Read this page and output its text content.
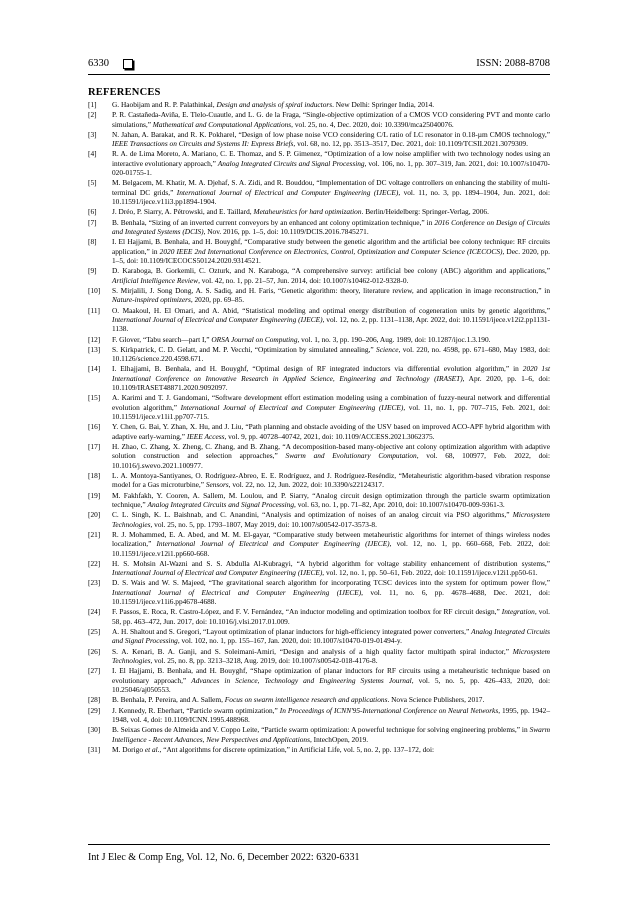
6330	ISSN: 2088-8708
REFERENCES
[1] G. Haobijam and R. P. Palathinkal, Design and analysis of spiral inductors. New Delhi: Springer India, 2014.
[2] P. R. Castañeda-Aviña, E. Tlelo-Cuautle, and L. G. de la Fraga, “Single-objective optimization of a CMOS VCO considering PVT and monte carlo simulations,” Mathematical and Computational Applications, vol. 25, no. 4, Dec. 2020, doi: 10.3390/mca25040076.
[3] N. Jahan, A. Barakat, and R. K. Pokharel, “Design of low phase noise VCO considering C/L ratio of LC resonator in 0.18-µm CMOS technology,” IEEE Transactions on Circuits and Systems II: Express Briefs, vol. 68, no. 12, pp. 3513–3517, Dec. 2021, doi: 10.1109/TCSII.2021.3079309.
[4] R. A. de Lima Moreto, A. Mariano, C. E. Thomaz, and S. P. Gimenez, “Optimization of a low noise amplifier with two technology nodes using an interactive evolutionary approach,” Analog Integrated Circuits and Signal Processing, vol. 106, no. 1, pp. 307–319, Jan. 2021, doi: 10.1007/s10470-020-01755-1.
[5] M. Belgacem, M. Khatir, M. A. Djehaf, S. A. Zidi, and R. Bouddou, “Implementation of DC voltage controllers on enhancing the stability of multi-terminal DC grids,” International Journal of Electrical and Computer Engineering (IJECE), vol. 11, no. 3, pp. 1894–1904, Jun. 2021, doi: 10.11591/ijece.v11i3.pp1894-1904.
[6] J. Dréo, P. Siarry, A. Pétrowski, and E. Taillard, Metaheuristics for hard optimization. Berlin/Heidelberg: Springer-Verlag, 2006.
[7] B. Benhala, “Sizing of an inverted current conveyors by an enhanced ant colony optimization technique,” in 2016 Conference on Design of Circuits and Integrated Systems (DCIS), Nov. 2016, pp. 1–5, doi: 10.1109/DCIS.2016.7845271.
[8] I. El Hajjami, B. Benhala, and H. Bouyghf, “Comparative study between the genetic algorithm and the artificial bee colony technique: RF circuits application,” in 2020 IEEE 2nd International Conference on Electronics, Control, Optimization and Computer Science (ICECOCS), Dec. 2020, pp. 1–5, doi: 10.1109/ICECOCS50124.2020.9314521.
[9] D. Karaboga, B. Gorkemli, C. Ozturk, and N. Karaboga, “A comprehensive survey: artificial bee colony (ABC) algorithm and applications,” Artificial Intelligence Review, vol. 42, no. 1, pp. 21–57, Jun. 2014, doi: 10.1007/s10462-012-9328-0.
[10] S. Mirjalili, J. Song Dong, A. S. Sadiq, and H. Faris, “Genetic algorithm: theory, literature review, and application in image reconstruction,” in Nature-inspired optimizers, 2020, pp. 69–85.
[11] O. Maakoul, H. El Omari, and A. Abid, “Statistical modeling and optimal energy distribution of cogeneration units by genetic algorithms,” International Journal of Electrical and Computer Engineering (IJECE), vol. 12, no. 2, pp. 1131–1138, Apr. 2022, doi: 10.11591/ijece.v12i2.pp1131-1138.
[12] F. Glover, “Tabu search—part I,” ORSA Journal on Computing, vol. 1, no. 3, pp. 190–206, Aug. 1989, doi: 10.1287/ijoc.1.3.190.
[13] S. Kirkpatrick, C. D. Gelatt, and M. P. Vecchi, “Optimization by simulated annealing,” Science, vol. 220, no. 4598, pp. 671–680, May 1983, doi: 10.1126/science.220.4598.671.
[14] I. Elhajjami, B. Benhala, and H. Bouyghf, “Optimal design of RF integrated inductors via differential evolution algorithm,” in 2020 1st International Conference on Innovative Research in Applied Science, Engineering and Technology (IRASET), Apr. 2020, pp. 1–6, doi: 10.1109/IRASET48871.2020.9092097.
[15] A. Karimi and T. J. Gandomani, “Software development effort estimation modeling using a combination of fuzzy-neural network and differential evolution algorithm,” International Journal of Electrical and Computer Engineering (IJECE), vol. 11, no. 1, pp. 707–715, Feb. 2021, doi: 10.11591/ijece.v11i1.pp707-715.
[16] Y. Chen, G. Bai, Y. Zhan, X. Hu, and J. Liu, “Path planning and obstacle avoiding of the USV based on improved ACO-APF hybrid algorithm with adaptive early-warning,” IEEE Access, vol. 9, pp. 40728–40742, 2021, doi: 10.1109/ACCESS.2021.3062375.
[17] H. Zhao, C. Zhang, X. Zheng, C. Zhang, and B. Zhang, “A decomposition-based many-objective ant colony optimization algorithm with adaptive solution construction and selection approaches,” Swarm and Evolutionary Computation, vol. 68, 100977, Feb. 2022, doi: 10.1016/j.swevo.2021.100977.
[18] L. A. Montoya-Santiyanes, O. Rodríguez-Abreo, E. E. Rodríguez, and J. Rodríguez-Reséndiz, “Metaheuristic algorithm-based vibration response model for a Gas microturbine,” Sensors, vol. 22, no. 12, Jun. 2022, doi: 10.3390/s22124317.
[19] M. Fakhfakh, Y. Cooren, A. Sallem, M. Loulou, and P. Siarry, “Analog circuit design optimization through the particle swarm optimization technique,” Analog Integrated Circuits and Signal Processing, vol. 63, no. 1, pp. 71–82, Apr. 2010, doi: 10.1007/s10470-009-9361-3.
[20] C. L. Singh, K. L. Baishnab, and C. Anandini, “Analysis and optimization of noises of an analog circuit via PSO algorithms,” Microsystem Technologies, vol. 25, no. 5, pp. 1793–1807, May 2019, doi: 10.1007/s00542-017-3573-8.
[21] R. J. Mohammed, E. A. Abed, and M. M. El-gayar, “Comparative study between metaheuristic algorithms for internet of things wireless nodes localization,” International Journal of Electrical and Computer Engineering (IJECE), vol. 12, no. 1, pp. 660–668, Feb. 2022, doi: 10.11591/ijece.v12i1.pp660-668.
[22] H. S. Mohsin Al-Wazni and S. S. Abdulla Al-Kubragyi, “A hybrid algorithm for voltage stability enhancement of distribution systems,” International Journal of Electrical and Computer Engineering (IJECE), vol. 12, no. 1, pp. 50–61, Feb. 2022, doi: 10.11591/ijece.v12i1.pp50-61.
[23] D. S. Wais and W. S. Majeed, “The gravitational search algorithm for incorporating TCSC devices into the system for optimum power flow,” International Journal of Electrical and Computer Engineering (IJECE), vol. 11, no. 6, pp. 4678–4688, Dec. 2021, doi: 10.11591/ijece.v11i6.pp4678-4688.
[24] F. Passos, E. Roca, R. Castro-López, and F. V. Fernández, “An inductor modeling and optimization toolbox for RF circuit design,” Integration, vol. 58, pp. 463–472, Jun. 2017, doi: 10.1016/j.vlsi.2017.01.009.
[25] A. H. Shaltout and S. Gregori, “Layout optimization of planar inductors for high-efficiency integrated power converters,” Analog Integrated Circuits and Signal Processing, vol. 102, no. 1, pp. 155–167, Jan. 2020, doi: 10.1007/s10470-019-01494-y.
[26] S. A. Kenari, B. A. Ganji, and S. Soleimani-Amiri, “Design and analysis of a high quality factor multipath spiral inductor,” Microsystem Technologies, vol. 25, no. 8, pp. 3213–3218, Aug. 2019, doi: 10.1007/s00542-018-4176-8.
[27] I. El Hajjami, B. Benhala, and H. Bouyghf, “Shape optimization of planar inductors for RF circuits using a metaheuristic technique based on evolutionary approach,” Advances in Science, Technology and Engineering Systems Journal, vol. 5, no. 5, pp. 426–433, 2020, doi: 10.25046/aj050553.
[28] B. Benhala, P. Pereira, and A. Sallem, Focus on swarm intelligence research and applications. Nova Science Publishers, 2017.
[29] J. Kennedy, R. Eberhart, “Particle swarm optimization,” In Proceedings of ICNN'95-International Conference on Neural Networks, 1995, pp. 1942–1948, vol. 4, doi: 10.1109/ICNN.1995.488968.
[30] B. Seixas Gomes de Almeida and V. Coppo Leite, “Particle swarm optimization: A powerful technique for solving engineering problems,” in Swarm Intelligence - Recent Advances, New Perspectives and Applications, IntechOpen, 2019.
[31] M. Dorigo et al., “Ant algorithms for discrete optimization,” in Artificial Life, vol. 5, no. 2, pp. 137–172, doi:
Int J Elec & Comp Eng, Vol. 12, No. 6, December 2022: 6320-6331
